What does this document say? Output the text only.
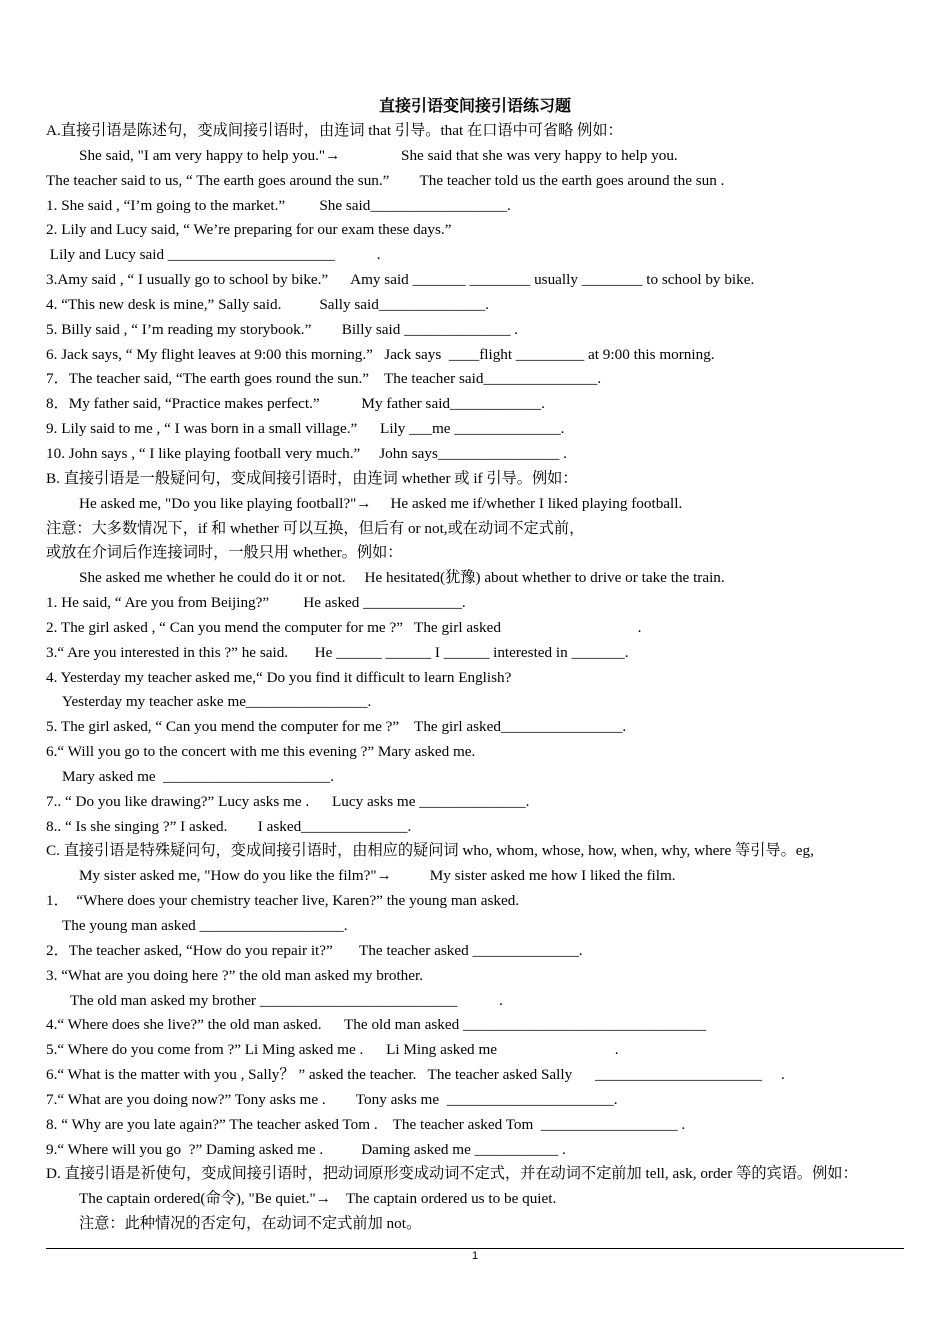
直接引语变间接引语练习题
A.直接引语是陈述句，变成间接引语时，由连词 that 引导。that 在口语中可省略 例如：
She said, "I am very happy to help you."→                She said that she was very happy to help you.
The teacher said to us, “ The earth goes around the sun.”        The teacher told us the earth goes around the sun .
1. She said , “I’m going to the market.”         She said__________________.
2. Lily and Lucy said, “ We’re preparing for our exam these days.”
Lily and Lucy said ______________________           .
3.Amy said , “ I usually go to school by bike.”      Amy said _______ ________ usually ________ to school by bike.
4. “This new desk is mine,” Sally said.          Sally said______________.
5. Billy said , “ I’m reading my storybook.”        Billy said ______________ .
6. Jack says, “ My flight leaves at 9:00 this morning.”   Jack says  ____flight _________ at 9:00 this morning.
7．The teacher said, “The earth goes round the sun.”    The teacher said_______________.
8．My father said, “Practice makes perfect.”           My father said____________.
9. Lily said to me , “ I was born in a small village.”      Lily ___me ______________.
10. John says , “ I like playing football very much.”     John says________________ .
B. 直接引语是一般疑问句，变成间接引语时，由连词 whether 或 if 引导。例如：
He asked me, "Do you like playing football?"→     He asked me if/whether I liked playing football.
注意：大多数情况下，if 和 whether 可以互换，但后有 or not,或在动词不定式前，
或放在介词后作连接词时，一般只用 whether。例如：
She asked me whether he could do it or not.     He hesitated(犹豫) about whether to drive or take the train.
1. He said, “ Are you from Beijing?”         He asked _____________.
2. The girl asked , “ Can you mend the computer for me ?”   The girl asked                                    .
3.“ Are you interested in this ?” he said.       He ______ ______ I ______ interested in _______.
4. Yesterday my teacher asked me,“ Do you find it difficult to learn English?
Yesterday my teacher aske me________________.
5. The girl asked, “ Can you mend the computer for me ?”    The girl asked________________.
6.“ Will you go to the concert with me this evening ?” Mary asked me.
Mary asked me  ______________________.
7.. “ Do you like drawing?” Lucy asks me .      Lucy asks me ______________.
8.. “ Is she singing ?” I asked.        I asked______________.
C. 直接引语是特殊疑问句，变成间接引语时，由相应的疑问词 who, whom, whose, how, when, why, where 等引导。eg,
My sister asked me, "How do you like the film?"→          My sister asked me how I liked the film.
1．  “Where does your chemistry teacher live, Karen?” the young man asked.
The young man asked ___________________.
2．The teacher asked, “How do you repair it?”       The teacher asked ______________.
3. “What are you doing here ?” the old man asked my brother.
The old man asked my brother __________________________           .
4.“ Where does she live?” the old man asked.      The old man asked ________________________________
5.“ Where do you come from ?” Li Ming asked me .      Li Ming asked me                               .
6.“ What is the matter with you , Sally？ ” asked the teacher.   The teacher asked Sally      ______________________     .
7.“ What are you doing now?” Tony asks me .        Tony asks me  ______________________.
8. “ Why are you late again?” The teacher asked Tom .    The teacher asked Tom  __________________ .
9.“ Where will you go  ?” Daming asked me .          Daming asked me ___________ .
D. 直接引语是祈使句，变成间接引语时，把动词原形变成动词不定式，并在动词不定前加 tell, ask, order 等的宾语。例如：
The captain ordered(命令), "Be quiet."→    The captain ordered us to be quiet.
注意：此种情况的否定句，在动词不定式前加 not。
1
